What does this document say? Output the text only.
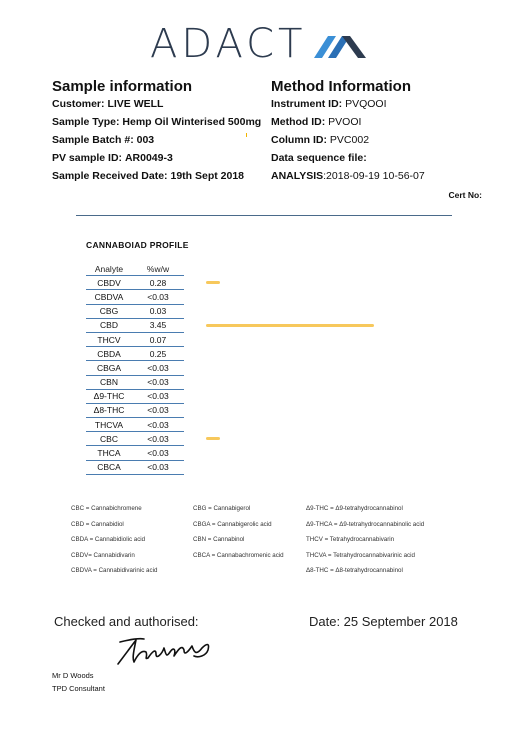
ADACT
Sample information
Customer: LIVE WELL
Sample Type: Hemp Oil Winterised 500mg
Sample Batch #: 003
PV sample ID: AR0049-3
Sample Received Date: 19th Sept 2018
Method Information
Instrument ID: PVQOOI
Method ID: PVOOI
Column ID: PVC002
Data sequence file:
ANALYSIS:2018-09-19 10-56-07
Cert No:
CANNABOIAD PROFILE
Analyte	%w/w
CBDV	0.28
CBDVA	<0.03
CBG	0.03
CBD	3.45
THCV	0.07
CBDA	0.25
CBGA	<0.03
CBN	<0.03
Δ9-THC	<0.03
Δ8-THC	<0.03
THCVA	<0.03
CBC	<0.03
THCA	<0.03
CBCA	<0.03
CBC = Cannabichromene
CBD = Cannabidiol
CBDA = Cannabidiolic acid
CBDV= Cannabidivarin
CBDVA = Cannabidivarinic acid
CBG = Cannabigerol
CBGA = Cannabigerolic acid
CBN = Cannabinol
CBCA = Cannabachromenic acid
Δ9-THC = Δ9-tetrahydrocannabinol
Δ9-THCA = Δ9-tetrahydrocannabinolic acid
THCV = Tetrahydrocannabivarin
THCVA = Tetrahydrocannabivarinic acid
Δ8-THC = Δ8-tetrahydrocannabinol
Checked and authorised:	Date: 25 September 2018
Mr D Woods
TPD Consultant
